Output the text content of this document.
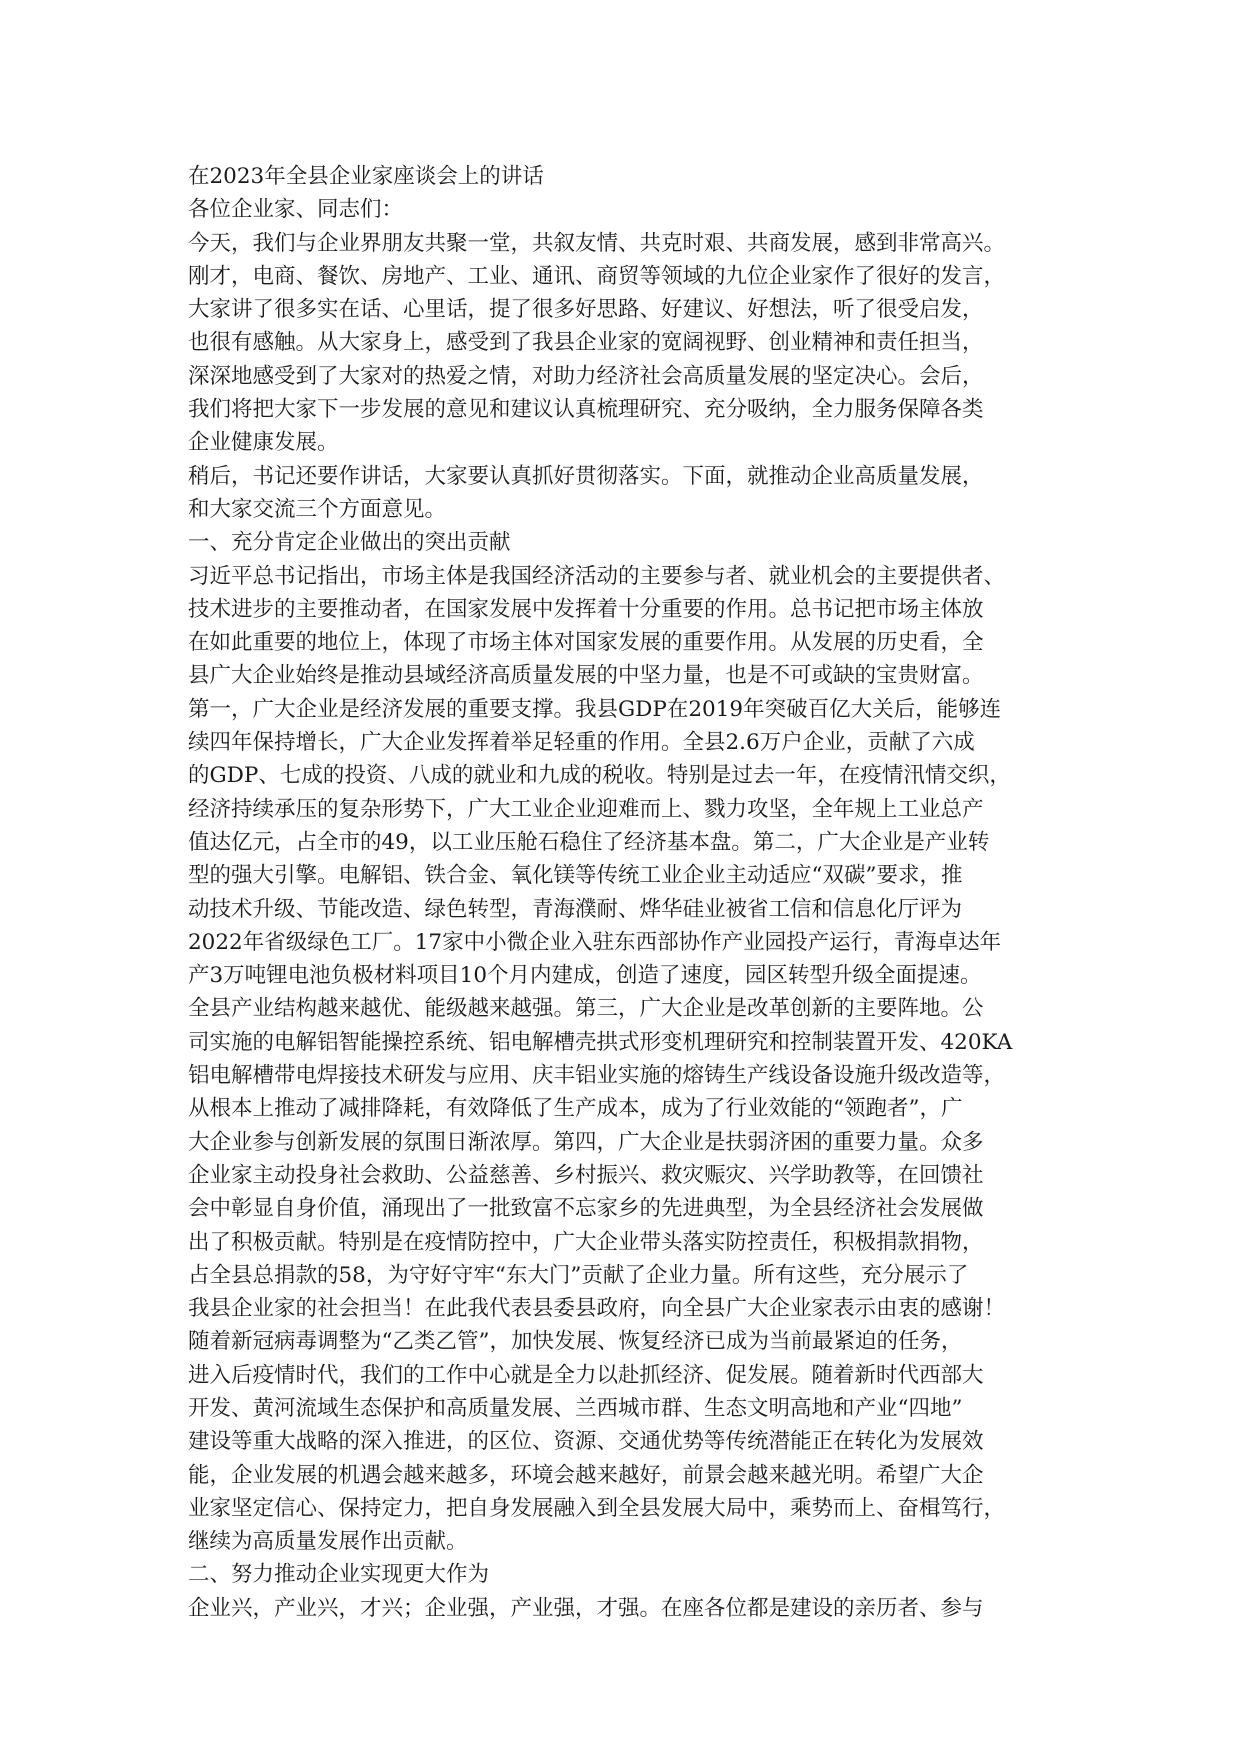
在2023年全县企业家座谈会上的讲话
各位企业家、同志们：
今天，我们与企业界朋友共聚一堂，共叙友情、共克时艰、共商发展，感到非常高兴。
刚才，电商、餐饮、房地产、工业、通讯、商贸等领域的九位企业家作了很好的发言，
大家讲了很多实在话、心里话，提了很多好思路、好建议、好想法，听了很受启发，
也很有感触。从大家身上，感受到了我县企业家的宽阔视野、创业精神和责任担当，
深深地感受到了大家对的热爱之情，对助力经济社会高质量发展的坚定决心。会后，
我们将把大家下一步发展的意见和建议认真梳理研究、充分吸纳，全力服务保障各类
企业健康发展。
稍后，书记还要作讲话，大家要认真抓好贯彻落实。下面，就推动企业高质量发展，
和大家交流三个方面意见。
一、充分肯定企业做出的突出贡献
习近平总书记指出，市场主体是我国经济活动的主要参与者、就业机会的主要提供者、
技术进步的主要推动者，在国家发展中发挥着十分重要的作用。总书记把市场主体放
在如此重要的地位上，体现了市场主体对国家发展的重要作用。从发展的历史看，全
县广大企业始终是推动县域经济高质量发展的中坚力量，也是不可或缺的宝贵财富。
第一，广大企业是经济发展的重要支撑。我县GDP在2019年突破百亿大关后，能够连
续四年保持增长，广大企业发挥着举足轻重的作用。全县2.6万户企业，贡献了六成
的GDP、七成的投资、八成的就业和九成的税收。特别是过去一年，在疫情汛情交织，
经济持续承压的复杂形势下，广大工业企业迎难而上、戮力攻坚，全年规上工业总产
值达亿元，占全市的49，以工业压舱石稳住了经济基本盘。第二，广大企业是产业转
型的强大引擎。电解铝、铁合金、氧化镁等传统工业企业主动适应“双碳”要求，推
动技术升级、节能改造、绿色转型，青海濮耐、烨华硅业被省工信和信息化厅评为
2022年省级绿色工厂。17家中小微企业入驻东西部协作产业园投产运行，青海卓达年
产3万吨锂电池负极材料项目10个月内建成，创造了速度，园区转型升级全面提速。
全县产业结构越来越优、能级越来越强。第三，广大企业是改革创新的主要阵地。公
司实施的电解铝智能操控系统、铝电解槽壳拱式形变机理研究和控制装置开发、420KA
铝电解槽带电焊接技术研发与应用、庆丰铝业实施的熔铸生产线设备设施升级改造等，
从根本上推动了减排降耗，有效降低了生产成本，成为了行业效能的“领跑者”，广
大企业参与创新发展的氛围日渐浓厚。第四，广大企业是扶弱济困的重要力量。众多
企业家主动投身社会救助、公益慈善、乡村振兴、救灾赈灾、兴学助教等，在回馈社
会中彰显自身价值，涌现出了一批致富不忘家乡的先进典型，为全县经济社会发展做
出了积极贡献。特别是在疫情防控中，广大企业带头落实防控责任，积极捐款捐物，
占全县总捐款的58，为守好守牢“东大门”贡献了企业力量。所有这些，充分展示了
我县企业家的社会担当！在此我代表县委县政府，向全县广大企业家表示由衷的感谢！
随着新冠病毒调整为“乙类乙管”，加快发展、恢复经济已成为当前最紧迫的任务，
进入后疫情时代，我们的工作中心就是全力以赴抓经济、促发展。随着新时代西部大
开发、黄河流域生态保护和高质量发展、兰西城市群、生态文明高地和产业“四地”
建设等重大战略的深入推进，的区位、资源、交通优势等传统潜能正在转化为发展效
能，企业发展的机遇会越来越多，环境会越来越好，前景会越来越光明。希望广大企
业家坚定信心、保持定力，把自身发展融入到全县发展大局中，乘势而上、奋楫笃行，
继续为高质量发展作出贡献。
二、努力推动企业实现更大作为
企业兴，产业兴，才兴；企业强，产业强，才强。在座各位都是建设的亲历者、参与
